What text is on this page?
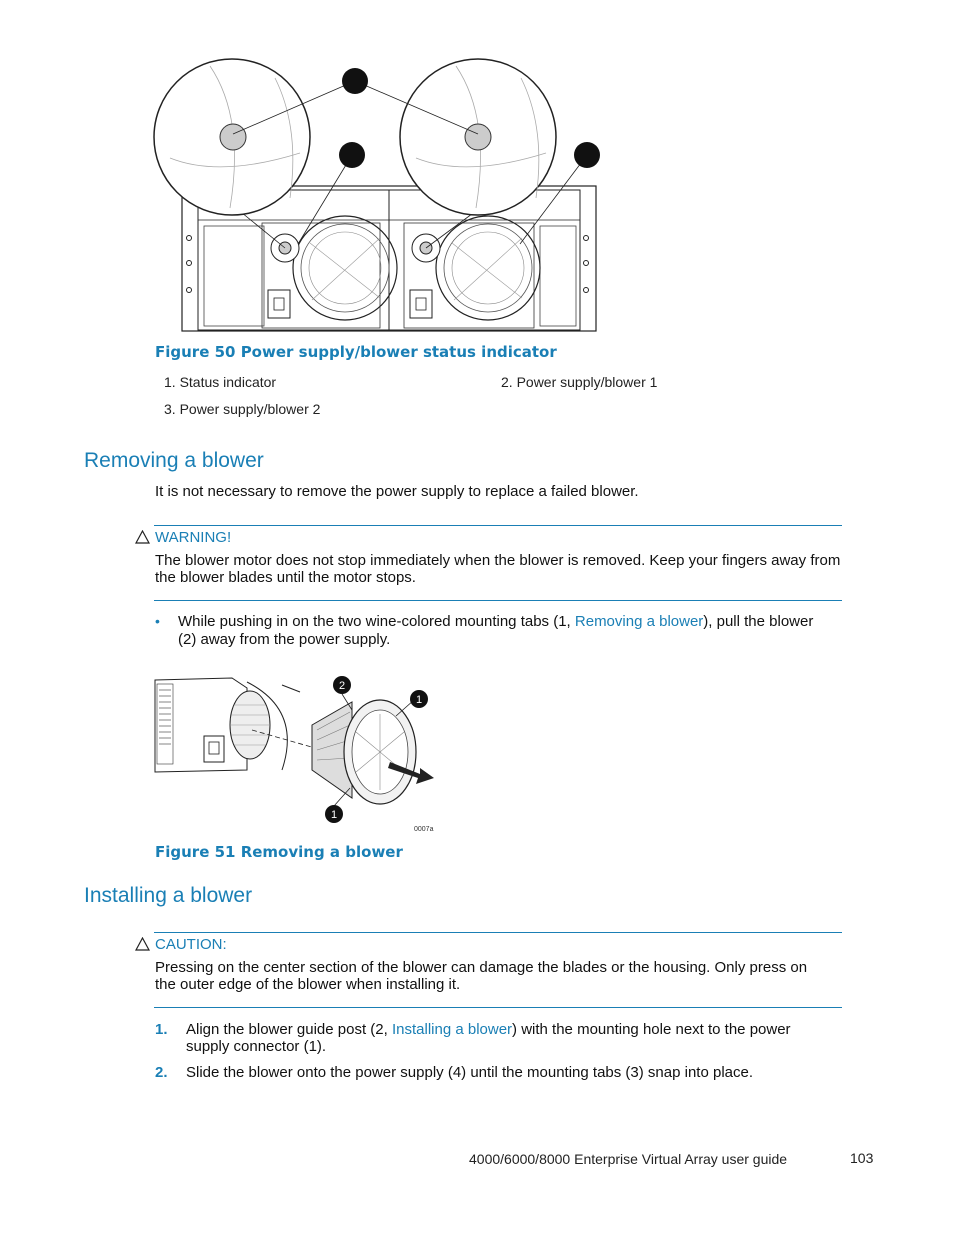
Figure 50 Power supply/blower status indicator
1. Status indicator	2. Power supply/blower 1
3. Power supply/blower 2
Removing a blower
It is not necessary to remove the power supply to replace a failed blower.
WARNING!
The blower motor does not stop immediately when the blower is removed. Keep your fingers away from
the blower blades until the motor stops.
• While pushing in on the two wine-colored mounting tabs (1, Removing a blower), pull the blower
(2) away from the power supply.
2
1
1
0007a
Figure 51 Removing a blower
Installing a blower
CAUTION:
Pressing on the center section of the blower can damage the blades or the housing. Only press on
the outer edge of the blower when installing it.
1. Align the blower guide post (2, Installing a blower) with the mounting hole next to the power
supply connector (1).
2. Slide the blower onto the power supply (4) until the mounting tabs (3) snap into place.
4000/6000/8000 Enterprise Virtual Array user guide	103
